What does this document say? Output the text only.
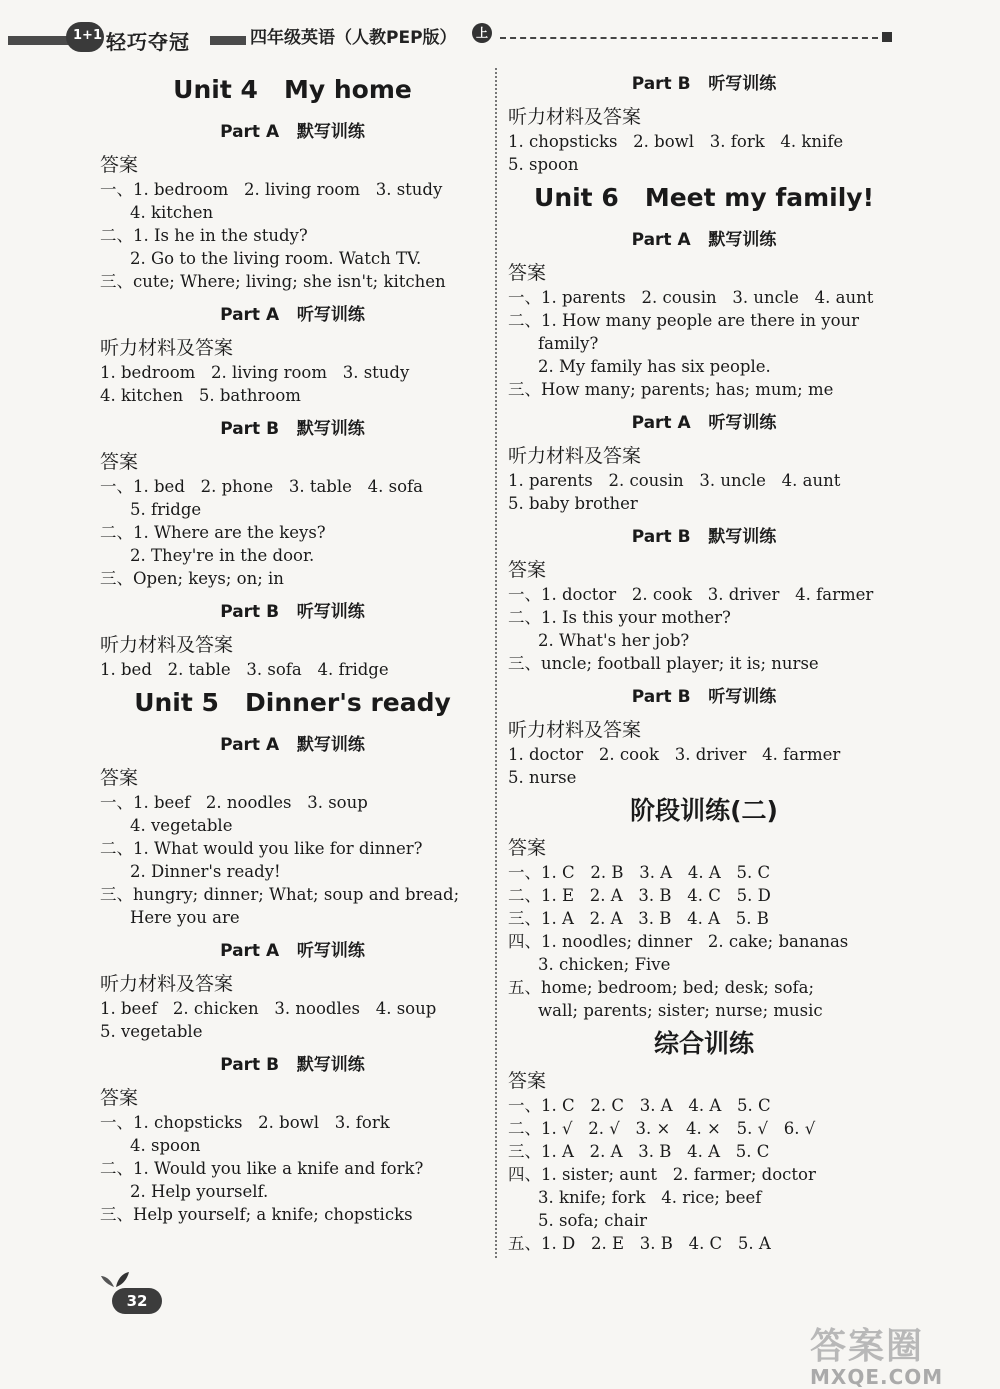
1+1 轻巧夺冠	四年级英语（人教PEP版）	上
Unit 4   My home
Part A   默写训练
答案
一、1. bedroom   2. living room   3. study
4. kitchen
二、1. Is he in the study?
2. Go to the living room. Watch TV.
三、cute; Where; living; she isn't; kitchen
Part A   听写训练
听力材料及答案
1. bedroom   2. living room   3. study
4. kitchen   5. bathroom
Part B   默写训练
答案
一、1. bed   2. phone   3. table   4. sofa
5. fridge
二、1. Where are the keys?
2. They're in the door.
三、Open; keys; on; in
Part B   听写训练
听力材料及答案
1. bed   2. table   3. sofa   4. fridge
Unit 5   Dinner's ready
Part A   默写训练
答案
一、1. beef   2. noodles   3. soup
4. vegetable
二、1. What would you like for dinner?
2. Dinner's ready!
三、hungry; dinner; What; soup and bread;
Here you are
Part A   听写训练
听力材料及答案
1. beef   2. chicken   3. noodles   4. soup
5. vegetable
Part B   默写训练
答案
一、1. chopsticks   2. bowl   3. fork
4. spoon
二、1. Would you like a knife and fork?
2. Help yourself.
三、Help yourself; a knife; chopsticks
Part B   听写训练
听力材料及答案
1. chopsticks   2. bowl   3. fork   4. knife
5. spoon
Unit 6   Meet my family!
Part A   默写训练
答案
一、1. parents   2. cousin   3. uncle   4. aunt
二、1. How many people are there in your
family?
2. My family has six people.
三、How many; parents; has; mum; me
Part A   听写训练
听力材料及答案
1. parents   2. cousin   3. uncle   4. aunt
5. baby brother
Part B   默写训练
答案
一、1. doctor   2. cook   3. driver   4. farmer
二、1. Is this your mother?
2. What's her job?
三、uncle; football player; it is; nurse
Part B   听写训练
听力材料及答案
1. doctor   2. cook   3. driver   4. farmer
5. nurse
阶段训练(二)
答案
一、1. C   2. B   3. A   4. A   5. C
二、1. E   2. A   3. B   4. C   5. D
三、1. A   2. A   3. B   4. A   5. B
四、1. noodles; dinner   2. cake; bananas
3. chicken; Five
五、home; bedroom; bed; desk; sofa;
wall; parents; sister; nurse; music
综合训练
答案
一、1. C   2. C   3. A   4. A   5. C
二、1. √   2. √   3. ×   4. ×   5. √   6. √
三、1. A   2. A   3. B   4. A   5. C
四、1. sister; aunt   2. farmer; doctor
3. knife; fork   4. rice; beef
5. sofa; chair
五、1. D   2. E   3. B   4. C   5. A
32
答案圈
MXQE.COM
